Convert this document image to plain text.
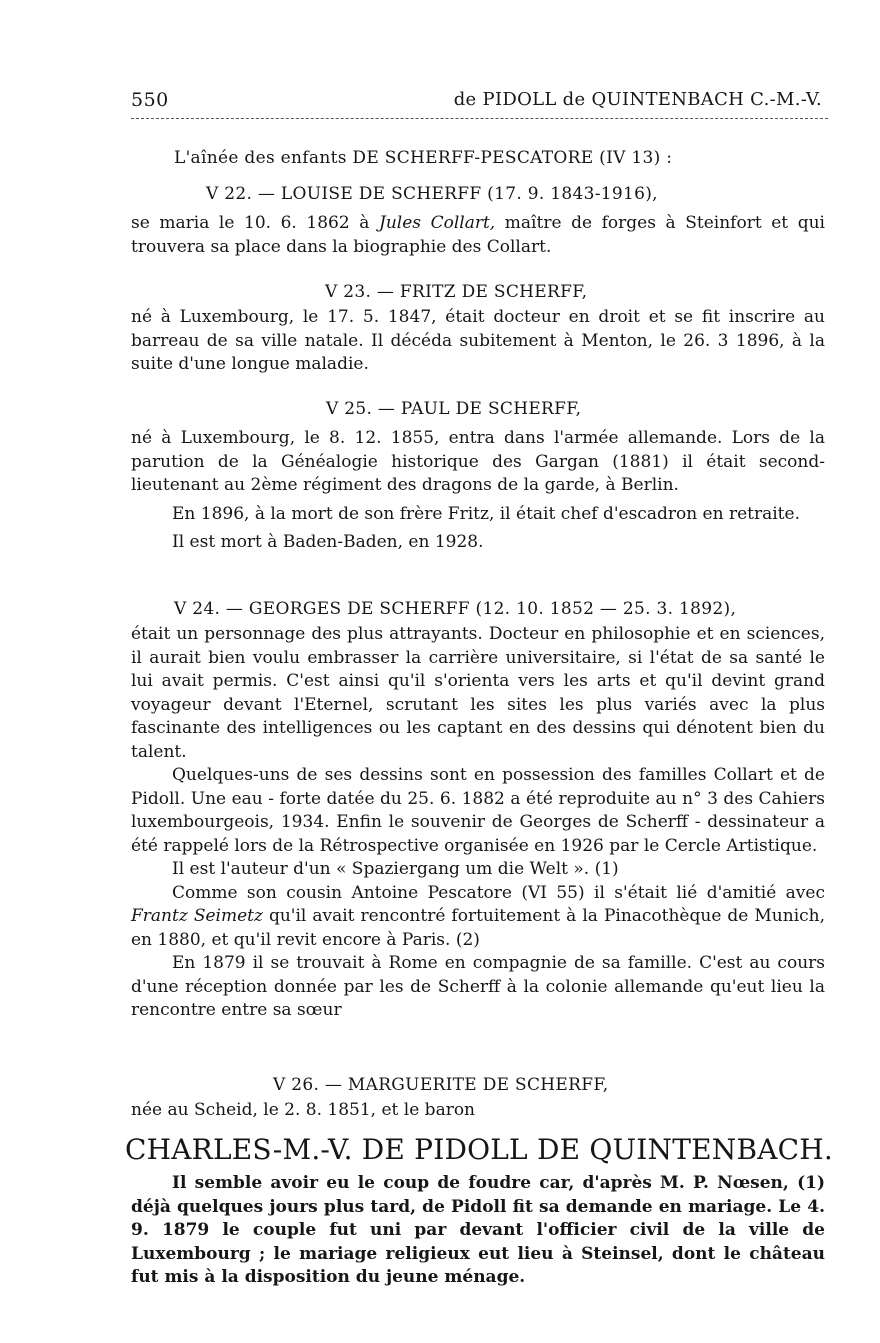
550	de PIDOLL de QUINTENBACH C.-M.-V.
L'aînée des enfants DE SCHERFF-PESCATORE (IV 13) :
V 22. — LOUISE DE SCHERFF (17. 9. 1843-1916),

se maria le 10. 6. 1862 à Jules Collart, maître de forges à Steinfort et qui trouvera sa place dans la biographie des Collart.

V 23. — FRITZ DE SCHERFF,

né à Luxembourg, le 17. 5. 1847, était docteur en droit et se fit inscrire au barreau de sa ville natale. Il décéda subitement à Menton, le 26. 3 1896, à la suite d'une longue maladie.

V 25. — PAUL DE SCHERFF,

né à Luxembourg, le 8. 12. 1855, entra dans l'armée allemande. Lors de la parution de la Généalogie historique des Gargan (1881) il était second-lieutenant au 2ème régiment des dragons de la garde, à Berlin.

En 1896, à la mort de son frère Fritz, il était chef d'escadron en retraite.

Il est mort à Baden-Baden, en 1928.

V 24. — GEORGES DE SCHERFF (12. 10. 1852 — 25. 3. 1892),

était un personnage des plus attrayants. Docteur en philosophie et en sciences, il aurait bien voulu embrasser la carrière universitaire, si l'état de sa santé le lui avait permis. C'est ainsi qu'il s'orienta vers les arts et qu'il devint grand voyageur devant l'Eternel, scrutant les sites les plus variés avec la plus fascinante des intelligences ou les captant en des dessins qui dénotent bien du talent.

Quelques-uns de ses dessins sont en possession des familles Collart et de Pidoll. Une eau - forte datée du 25. 6. 1882 a été reproduite au n° 3 des Cahiers luxembourgeois, 1934. Enfin le souvenir de Georges de Scherff - dessinateur a été rappelé lors de la Rétrospective organisée en 1926 par le Cercle Artistique.

Il est l'auteur d'un « Spaziergang um die Welt ». (1)

Comme son cousin Antoine Pescatore (VI 55) il s'était lié d'amitié avec Frantz Seimetz qu'il avait rencontré fortuitement à la Pinacothèque de Munich, en 1880, et qu'il revit encore à Paris. (2)

En 1879 il se trouvait à Rome en compagnie de sa famille. C'est au cours d'une réception donnée par les de Scherff à la colonie allemande qu'eut lieu la rencontre entre sa sœur

V 26. — MARGUERITE DE SCHERFF,

née au Scheid, le 2. 8. 1851, et le baron

CHARLES-M.-V. DE PIDOLL DE QUINTENBACH.

Il semble avoir eu le coup de foudre car, d'après M. P. Nœsen, (1) déjà quelques jours plus tard, de Pidoll fit sa demande en mariage. Le 4. 9. 1879 le couple fut uni par devant l'officier civil de la ville de Luxembourg ; le mariage religieux eut lieu à Steinsel, dont le château fut mis à la disposition du jeune ménage.
